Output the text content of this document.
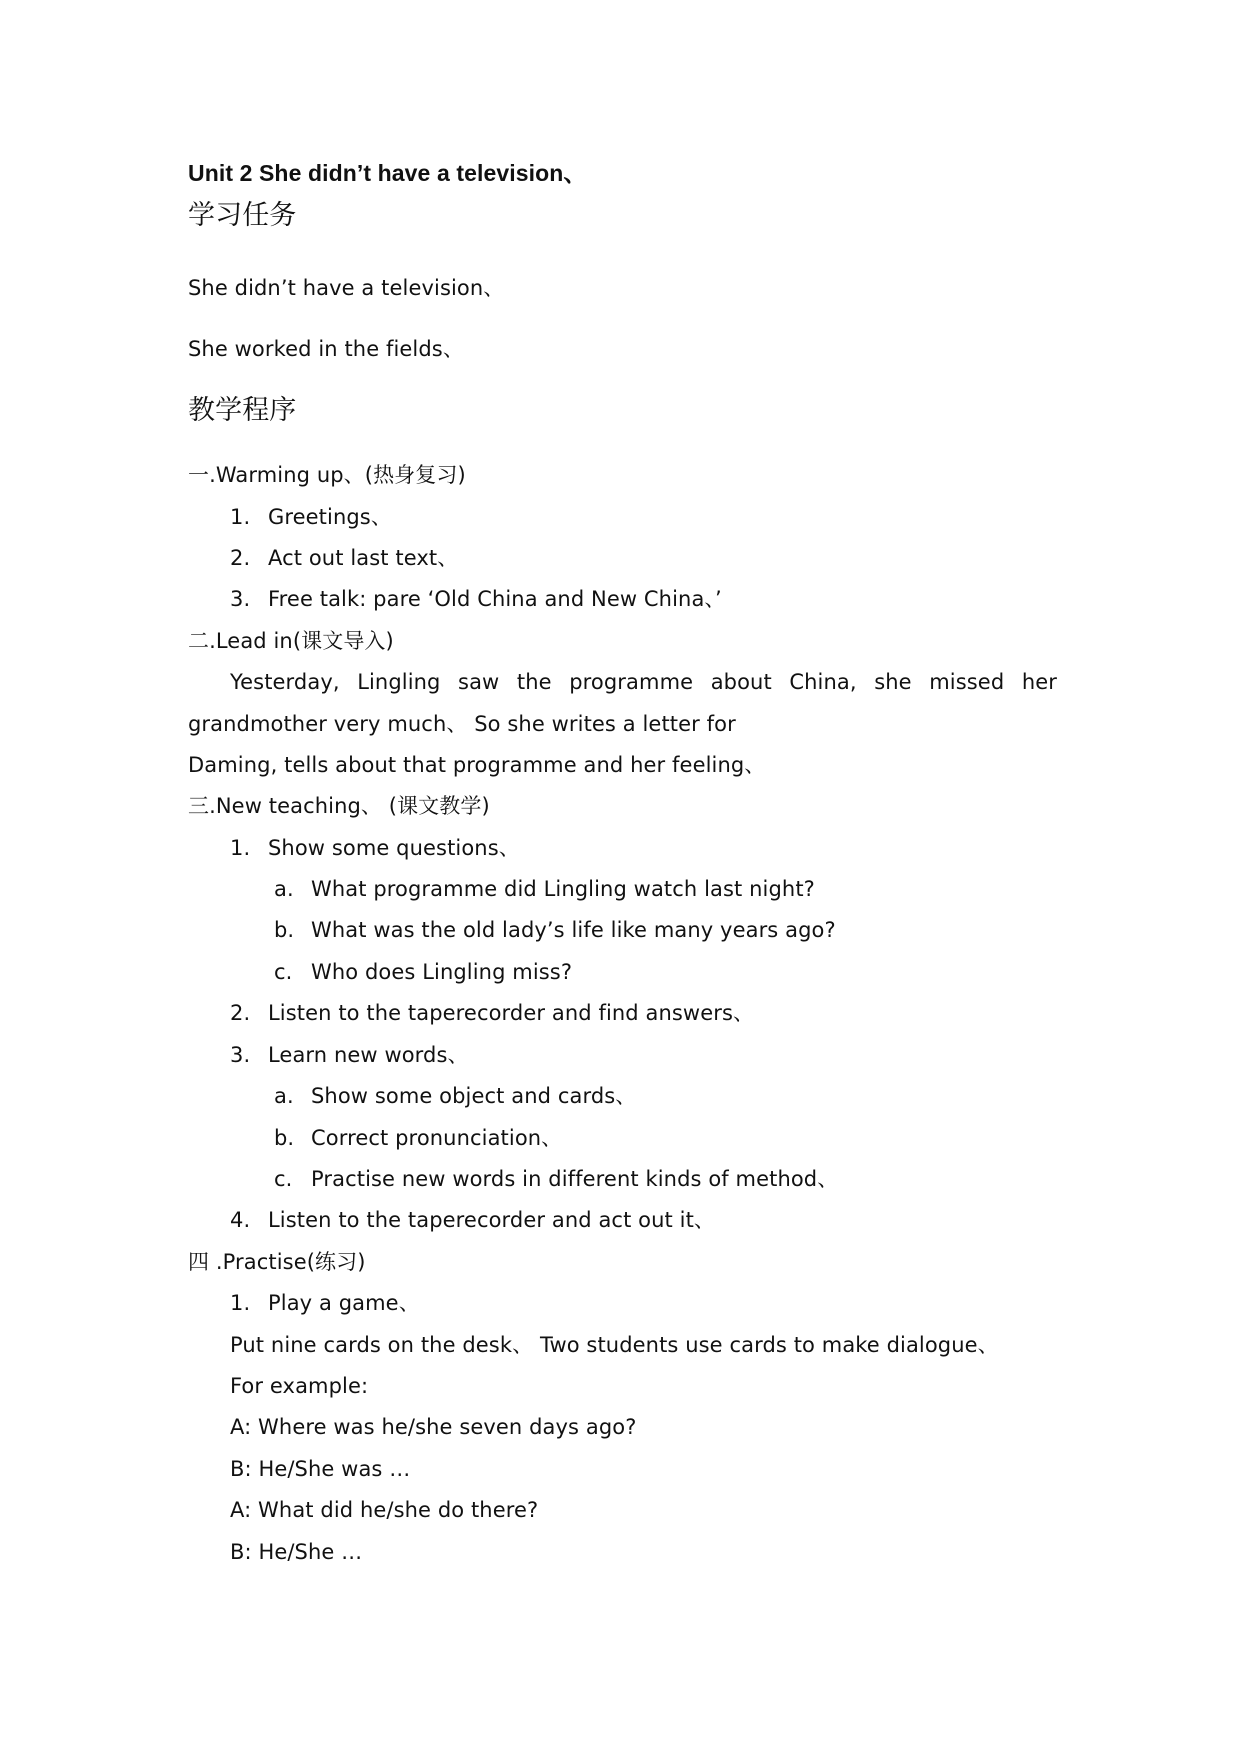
Unit 2 She didn’t have a television、
学习任务
She didn’t have a television、
She worked in the fields、
教学程序
一.Warming up、(热身复习)
1. Greetings、
2. Act out last text、
3. Free talk: pare ‘Old China and New China、’
二.Lead in(课文导入)
Yesterday, Lingling saw the programme about China, she missed her
grandmother very much、 So she writes a letter for
Daming, tells about that programme and her feeling、
三.New teaching、 (课文教学)
1. Show some questions、
a. What programme did Lingling watch last night?
b. What was the old lady’s life like many years ago?
c. Who does Lingling miss?
2. Listen to the taperecorder and find answers、
3. Learn new words、
a. Show some object and cards、
b. Correct pronunciation、
c. Practise new words in different kinds of method、
4. Listen to the taperecorder and act out it、
四 .Practise(练习)
1. Play a game、
Put nine cards on the desk、 Two students use cards to make dialogue、
For example:
A: Where was he/she seven days ago?
B: He/She was …
A: What did he/she do there?
B: He/She …
